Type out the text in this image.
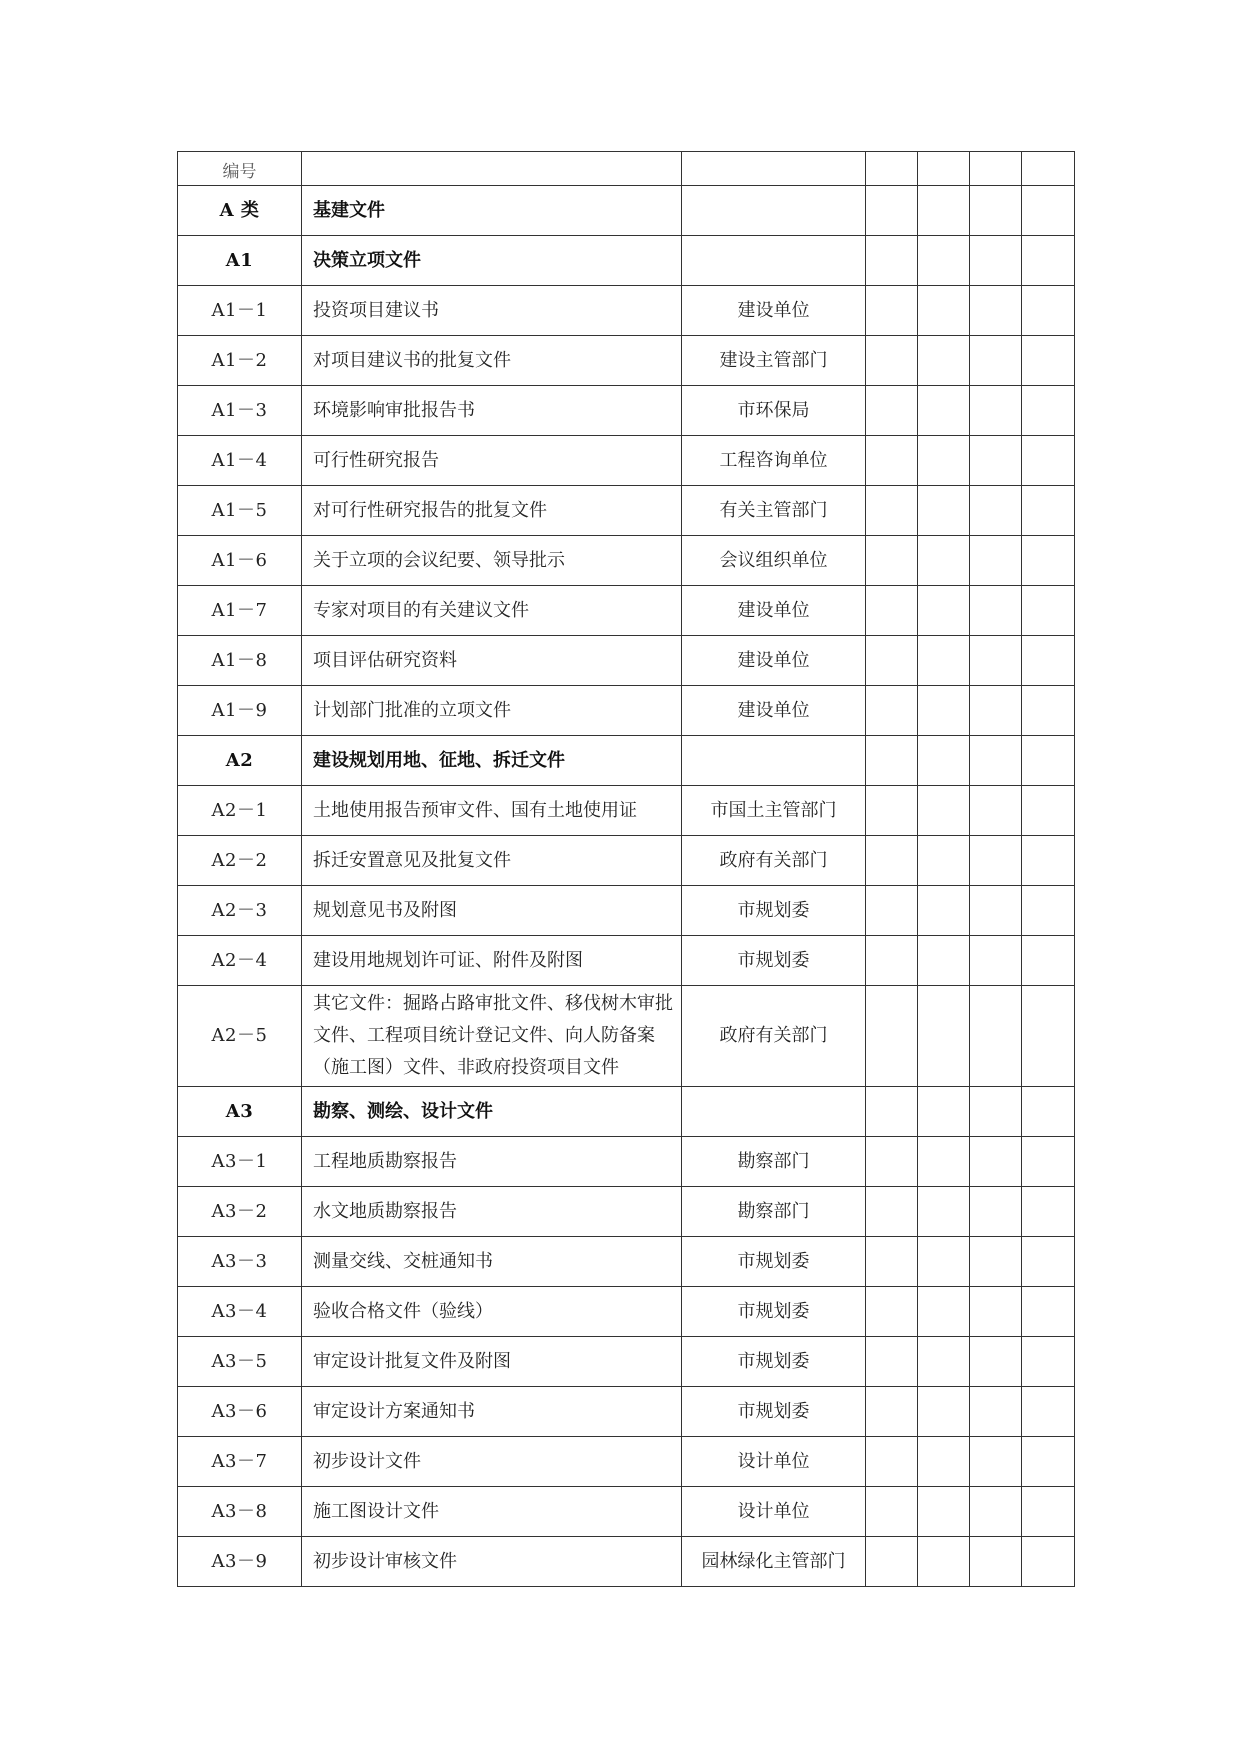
编号						
A 类	基建文件					
A1	决策立项文件					
A1－1	投资项目建议书	建设单位				
A1－2	对项目建议书的批复文件	建设主管部门				
A1－3	环境影响审批报告书	市环保局				
A1－4	可行性研究报告	工程咨询单位				
A1－5	对可行性研究报告的批复文件	有关主管部门				
A1－6	关于立项的会议纪要、领导批示	会议组织单位				
A1－7	专家对项目的有关建议文件	建设单位				
A1－8	项目评估研究资料	建设单位				
A1－9	计划部门批准的立项文件	建设单位				
A2	建设规划用地、征地、拆迁文件					
A2－1	土地使用报告预审文件、国有土地使用证	市国土主管部门				
A2－2	拆迁安置意见及批复文件	政府有关部门				
A2－3	规划意见书及附图	市规划委				
A2－4	建设用地规划许可证、附件及附图	市规划委				
A2－5	其它文件：掘路占路审批文件、移伐树木审批文件、工程项目统计登记文件、向人防备案（施工图）文件、非政府投资项目文件	政府有关部门				
A3	勘察、测绘、设计文件					
A3－1	工程地质勘察报告	勘察部门				
A3－2	水文地质勘察报告	勘察部门				
A3－3	测量交线、交桩通知书	市规划委				
A3－4	验收合格文件（验线）	市规划委				
A3－5	审定设计批复文件及附图	市规划委				
A3－6	审定设计方案通知书	市规划委				
A3－7	初步设计文件	设计单位				
A3－8	施工图设计文件	设计单位				
A3－9	初步设计审核文件	园林绿化主管部门				
